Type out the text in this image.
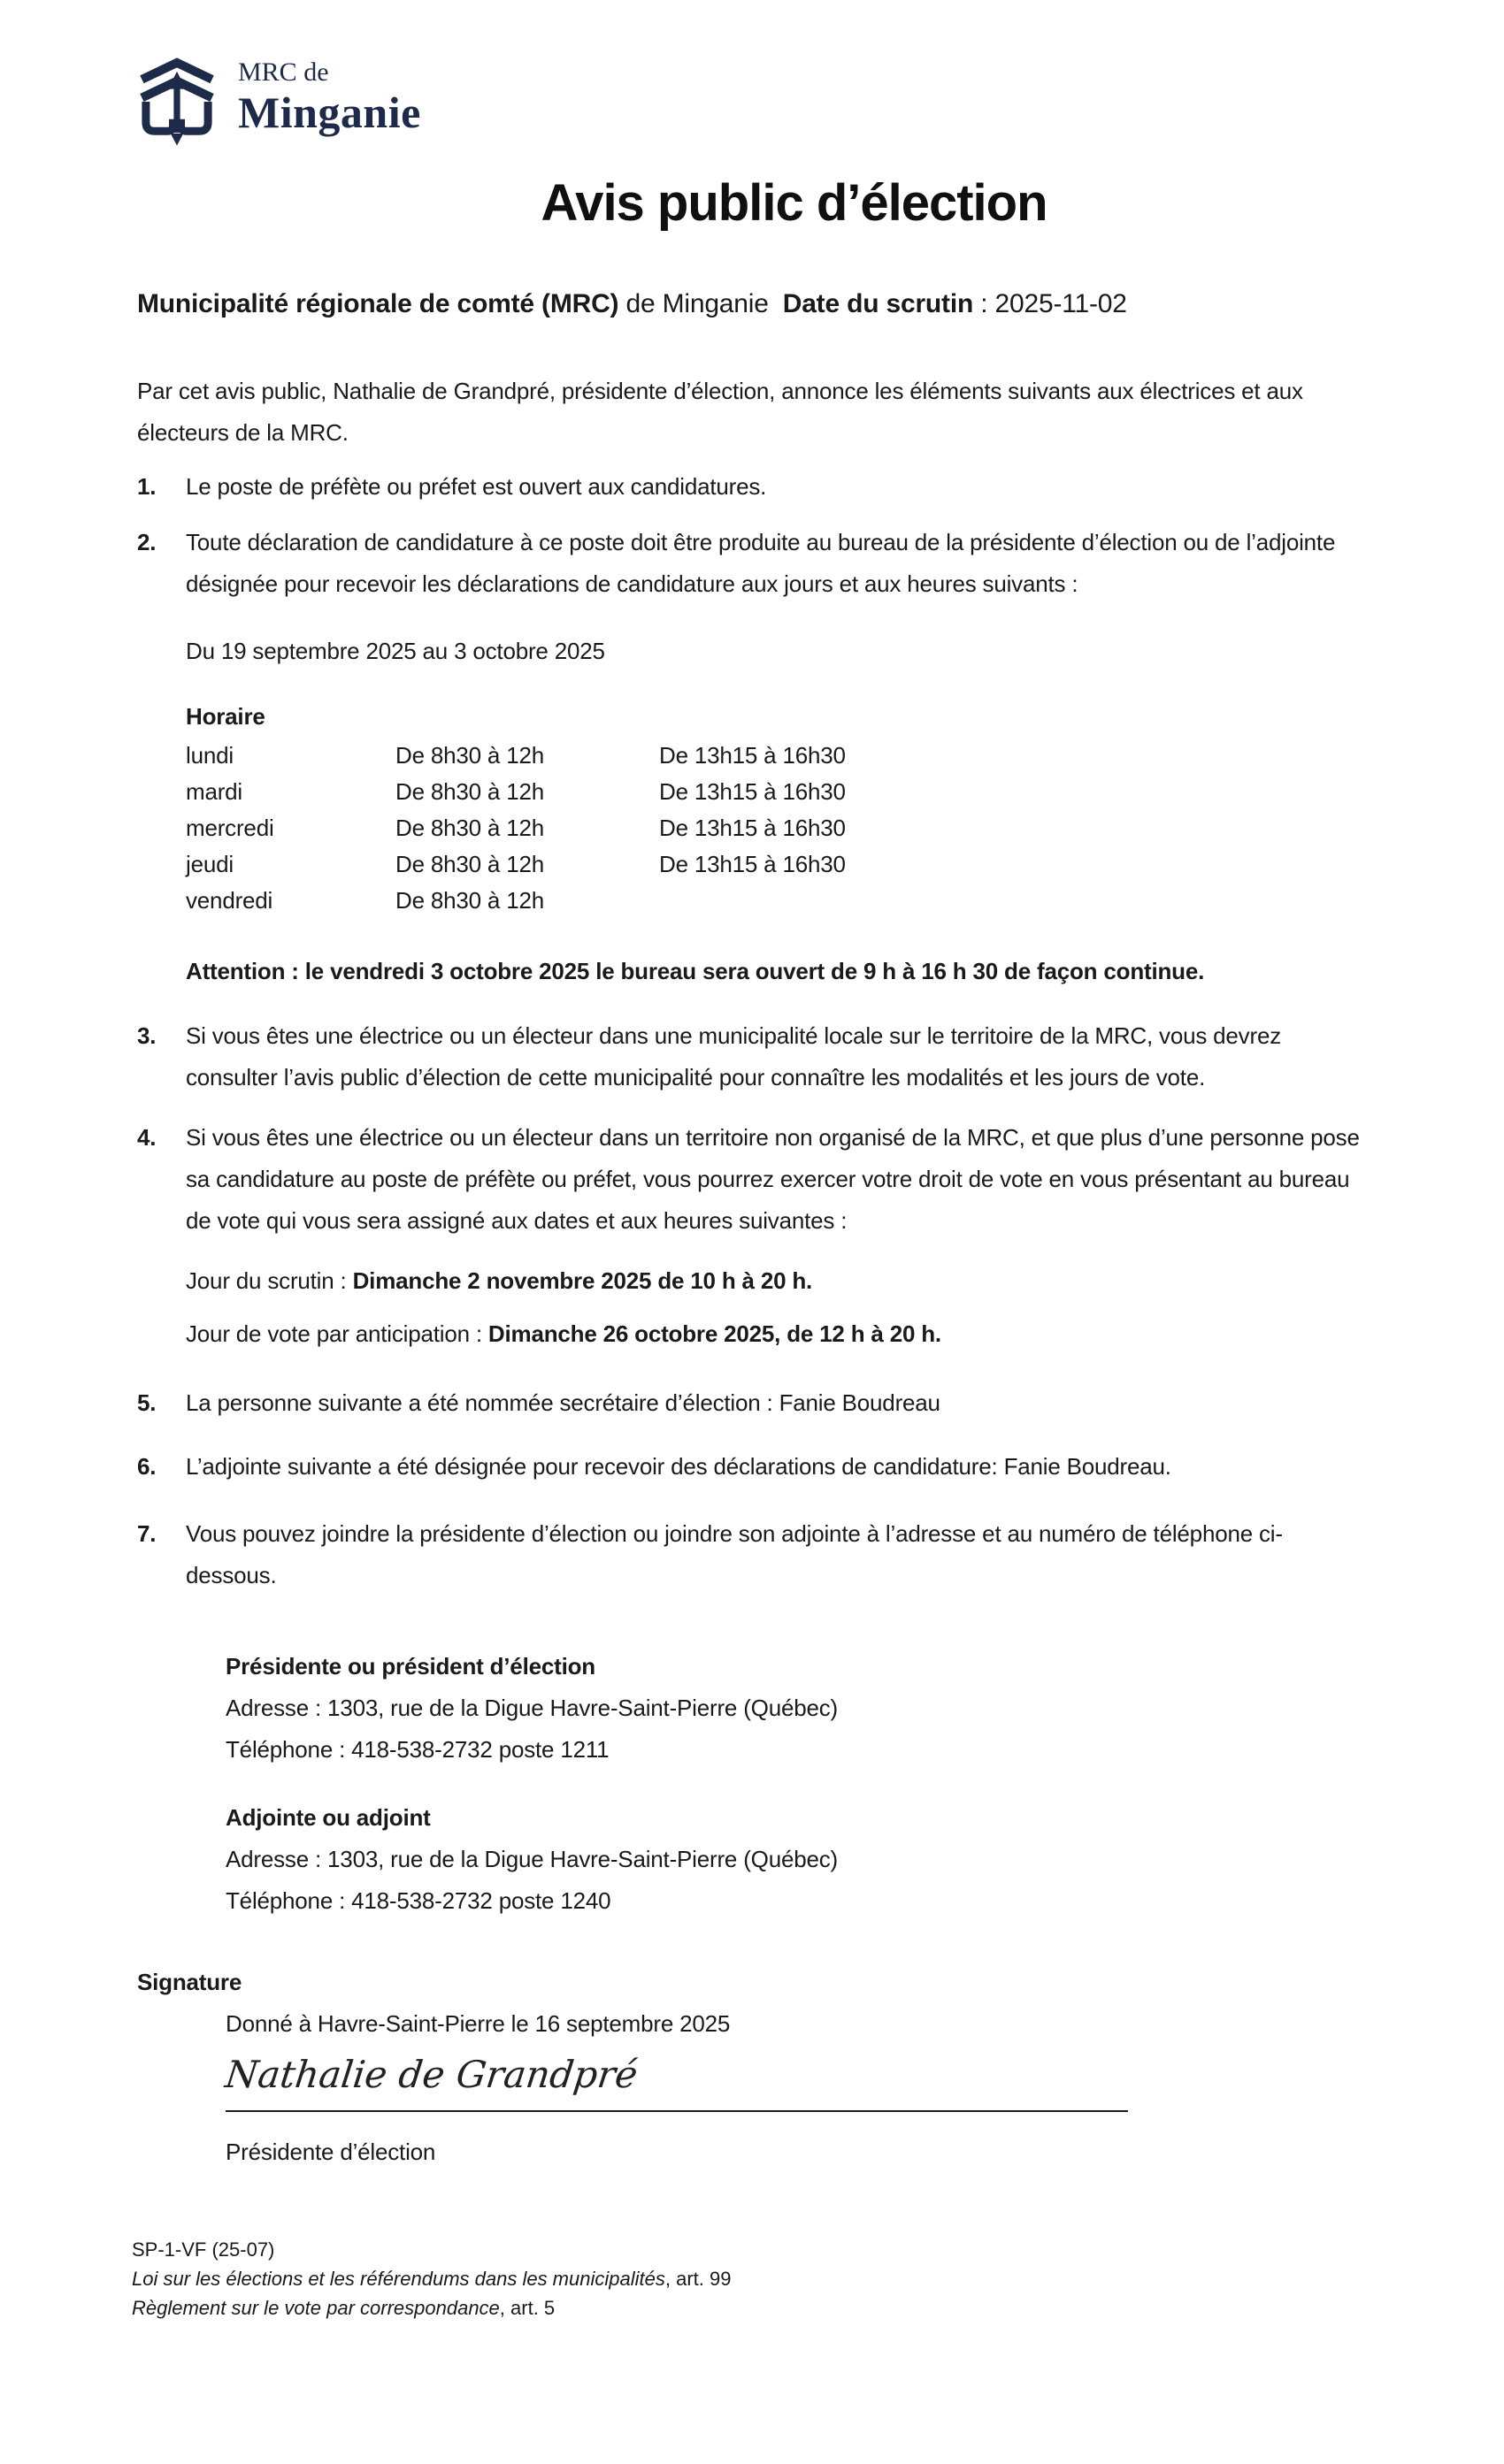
MRC de
Minganie
Avis public d’élection
Municipalité régionale de comté (MRC) de Minganie Date du scrutin : 2025-11-02
Par cet avis public, Nathalie de Grandpré, présidente d’élection, annonce les éléments suivants aux électrices et aux électeurs de la MRC.
1.	Le poste de préfète ou préfet est ouvert aux candidatures.
2.	Toute déclaration de candidature à ce poste doit être produite au bureau de la présidente d’élection ou de l’adjointe désignée pour recevoir les déclarations de candidature aux jours et aux heures suivants :
Du 19 septembre 2025 au 3 octobre 2025
Horaire
lundi	De 8h30 à 12h	De 13h15 à 16h30
mardi	De 8h30 à 12h	De 13h15 à 16h30
mercredi	De 8h30 à 12h	De 13h15 à 16h30
jeudi	De 8h30 à 12h	De 13h15 à 16h30
vendredi	De 8h30 à 12h
Attention : le vendredi 3 octobre 2025 le bureau sera ouvert de 9 h à 16 h 30 de façon continue.
3.	Si vous êtes une électrice ou un électeur dans une municipalité locale sur le territoire de la MRC, vous devrez consulter l’avis public d’élection de cette municipalité pour connaître les modalités et les jours de vote.
4.	Si vous êtes une électrice ou un électeur dans un territoire non organisé de la MRC, et que plus d’une personne pose sa candidature au poste de préfète ou préfet, vous pourrez exercer votre droit de vote en vous présentant au bureau de vote qui vous sera assigné aux dates et aux heures suivantes :
Jour du scrutin : Dimanche 2 novembre 2025 de 10 h à 20 h.
Jour de vote par anticipation : Dimanche 26 octobre 2025, de 12 h à 20 h.
5.	La personne suivante a été nommée secrétaire d’élection : Fanie Boudreau
6.	L’adjointe suivante a été désignée pour recevoir des déclarations de candidature: Fanie Boudreau.
7.	Vous pouvez joindre la présidente d’élection ou joindre son adjointe à l’adresse et au numéro de téléphone ci-dessous.
Présidente ou président d’élection
Adresse : 1303, rue de la Digue Havre-Saint-Pierre (Québec)
Téléphone : 418-538-2732 poste 1211
Adjointe ou adjoint
Adresse : 1303, rue de la Digue Havre-Saint-Pierre (Québec)
Téléphone : 418-538-2732 poste 1240
Signature
Donné à Havre-Saint-Pierre le 16 septembre 2025
Nathalie de Grandpré
Présidente d’élection
SP-1-VF (25-07)
Loi sur les élections et les référendums dans les municipalités, art. 99
Règlement sur le vote par correspondance, art. 5
